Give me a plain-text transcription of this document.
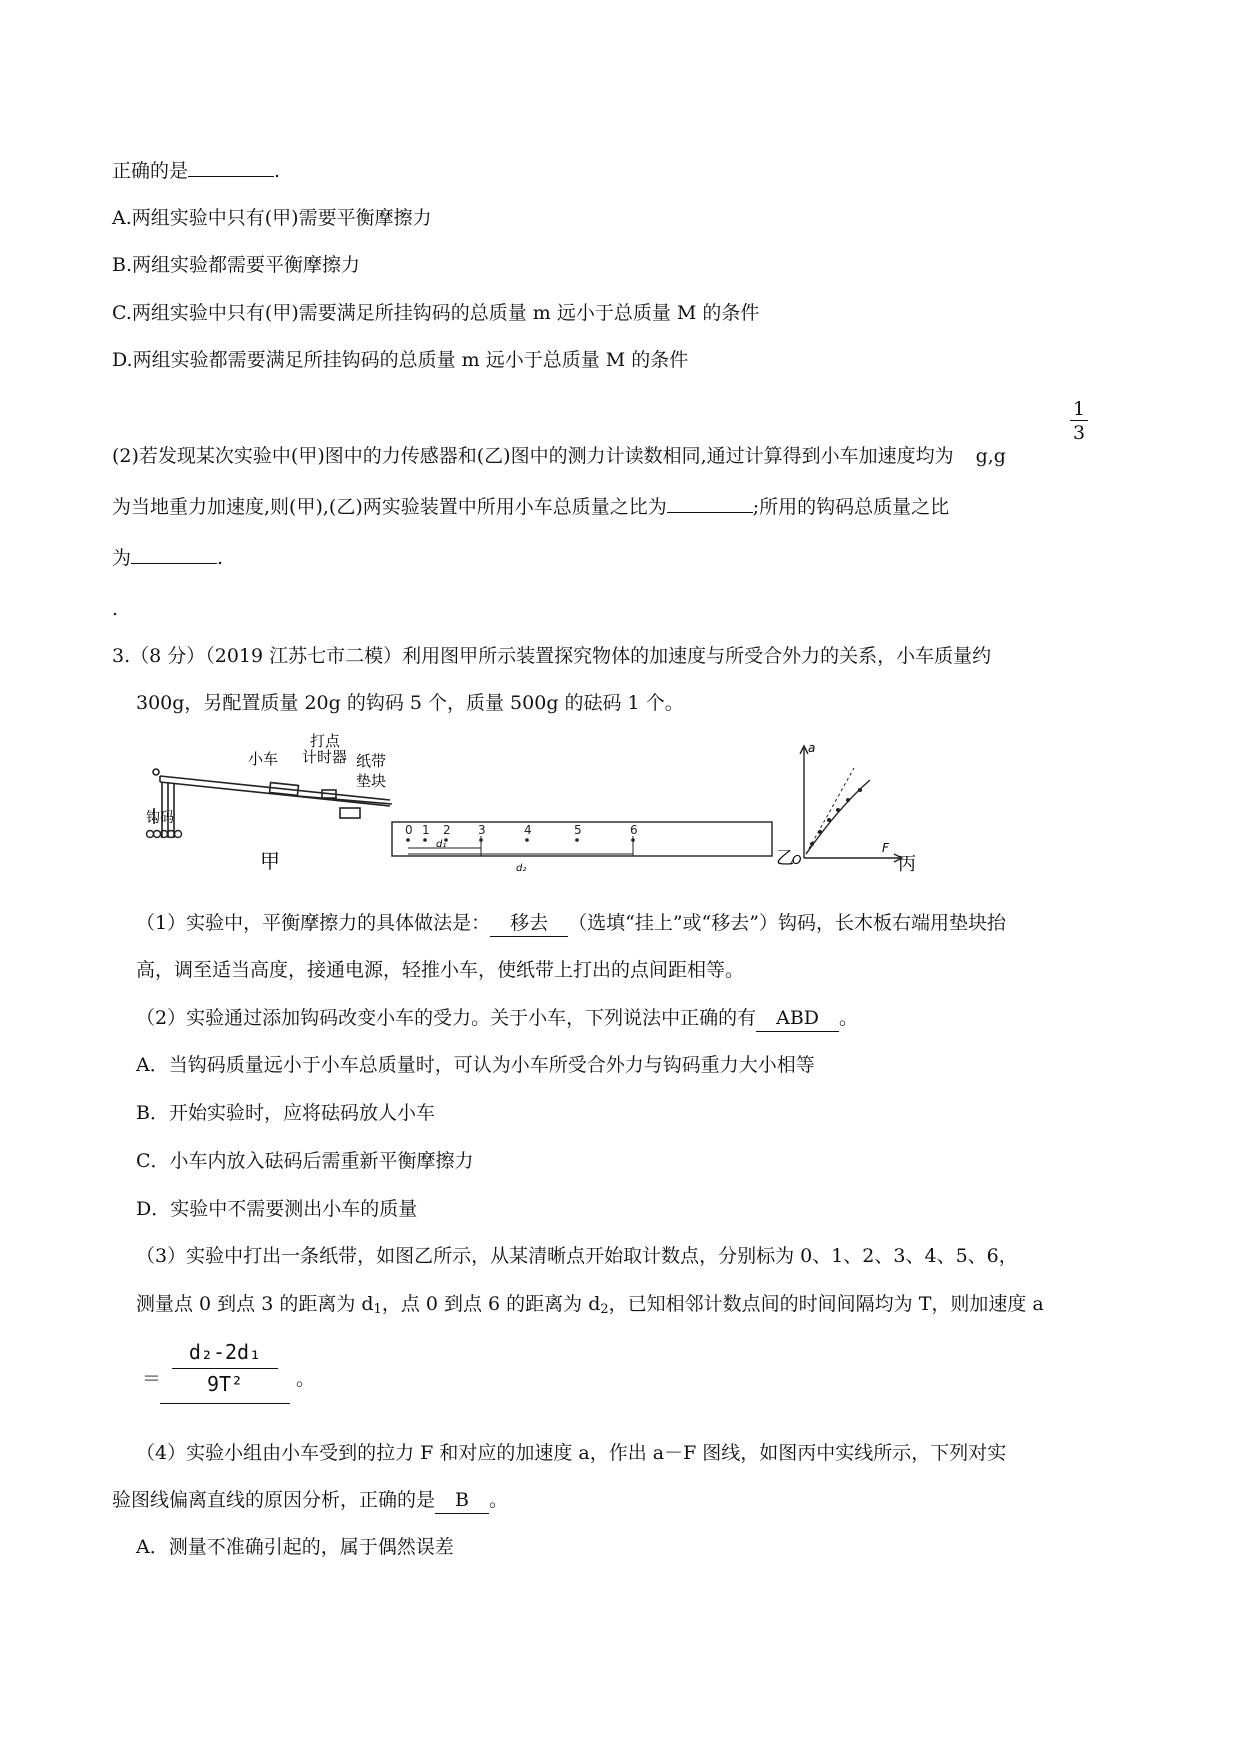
正确的是	.
A.两组实验中只有(甲)需要平衡摩擦力
B.两组实验都需要平衡摩擦力
C.两组实验中只有(甲)需要满足所挂钩码的总质量 m 远小于总质量 M 的条件
D.两组实验都需要满足所挂钩码的总质量 m 远小于总质量 M 的条件
$\frac{1}{3}$
(2)若发现某次实验中(甲)图中的力传感器和(乙)图中的测力计读数相同,通过计算得到小车加速度均为 g,g
为当地重力加速度,则(甲),(乙)两实验装置中所用小车总质量之比为	;所用的钩码总质量之比
为	.
.
3.（8 分）（2019 江苏七市二模）利用图甲所示装置探究物体的加速度与所受合外力的关系，小车质量约
300g，另配置质量 20g 的钩码 5 个，质量 500g 的砝码 1 个。
小车
打点
计时器 纸带
垫块
钩码
甲
0 1 2 3	4	5	6
d₁
d₂	乙
O
a
F
丙
（1）实验中，平衡摩擦力的具体做法是： 移去 （选填“挂上”或“移去”）钩码，长木板右端用垫块抬
高，调至适当高度，接通电源，轻推小车，使纸带上打出的点间距相等。
（2）实验通过添加钩码改变小车的受力。关于小车，下列说法中正确的有 ABD 。
A．当钩码质量远小于小车总质量时，可认为小车所受合外力与钩码重力大小相等
B．开始实验时，应将砝码放人小车
C．小车内放入砝码后需重新平衡摩擦力
D．实验中不需要测出小车的质量
（3）实验中打出一条纸带，如图乙所示，从某清晰点开始取计数点，分别标为 0、1、2、3、4、5、6，
测量点 0 到点 3 的距离为 $d_1$，点 0 到点 6 的距离为 $d_2$，已知相邻计数点间的时间间隔均为 T，则加速度 a
＝
d₂-2d₁
9T²	。
（4）实验小组由小车受到的拉力 F 和对应的加速度 a，作出 a－F 图线，如图丙中实线所示，下列对实
验图线偏离直线的原因分析，正确的是 B 。
A．测量不准确引起的，属于偶然误差
